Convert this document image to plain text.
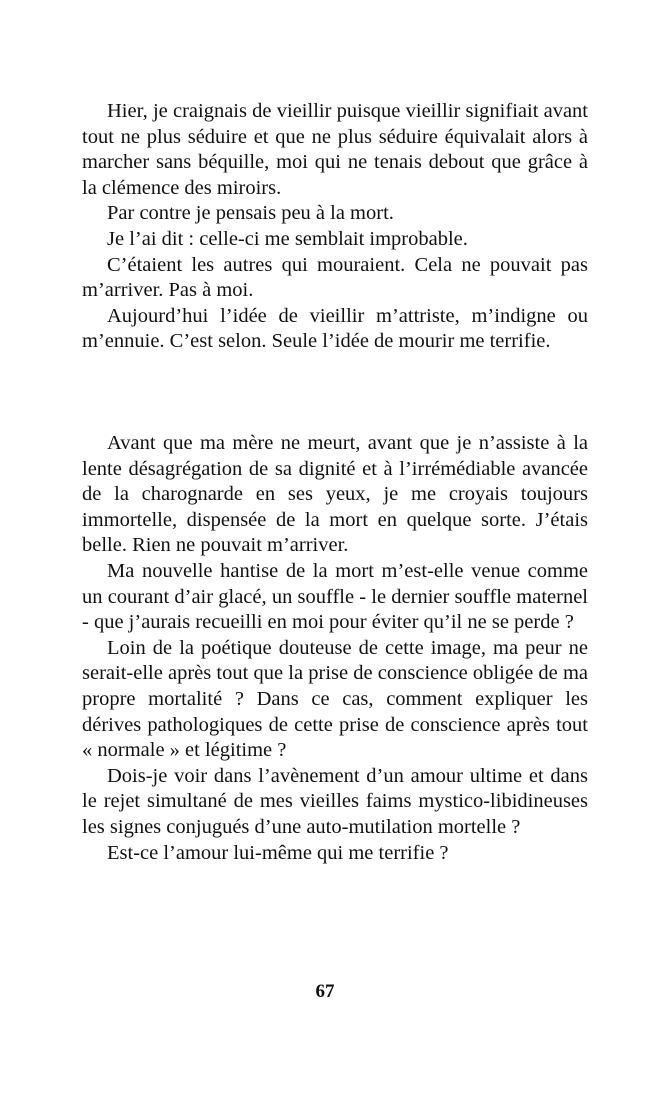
Hier, je craignais de vieillir puisque vieillir signifiait avant tout ne plus séduire et que ne plus séduire équivalait alors à marcher sans béquille, moi qui ne tenais debout que grâce à la clémence des miroirs.

Par contre je pensais peu à la mort.

Je l’ai dit : celle-ci me semblait improbable.

C’étaient les autres qui mouraient. Cela ne pouvait pas m’arriver. Pas à moi.

Aujourd’hui l’idée de vieillir m’attriste, m’indigne ou m’ennuie. C’est selon. Seule l’idée de mourir me terrifie.

Avant que ma mère ne meurt, avant que je n’assiste à la lente désagrégation de sa dignité et à l’irrémédiable avancée de la charognarde en ses yeux, je me croyais toujours immortelle, dispensée de la mort en quelque sorte. J’étais belle. Rien ne pouvait m’arriver.

Ma nouvelle hantise de la mort m’est-elle venue comme un courant d’air glacé, un souffle - le dernier souffle maternel - que j’aurais recueilli en moi pour éviter qu’il ne se perde ?

Loin de la poétique douteuse de cette image, ma peur ne serait-elle après tout que la prise de conscience obligée de ma propre mortalité ? Dans ce cas, comment expliquer les dérives pathologiques de cette prise de conscience après tout « normale » et légitime ?

Dois-je voir dans l’avènement d’un amour ultime et dans le rejet simultané de mes vieilles faims mystico-libidineuses les signes conjugués d’une auto-mutilation mortelle ?

Est-ce l’amour lui-même qui me terrifie ?

67
